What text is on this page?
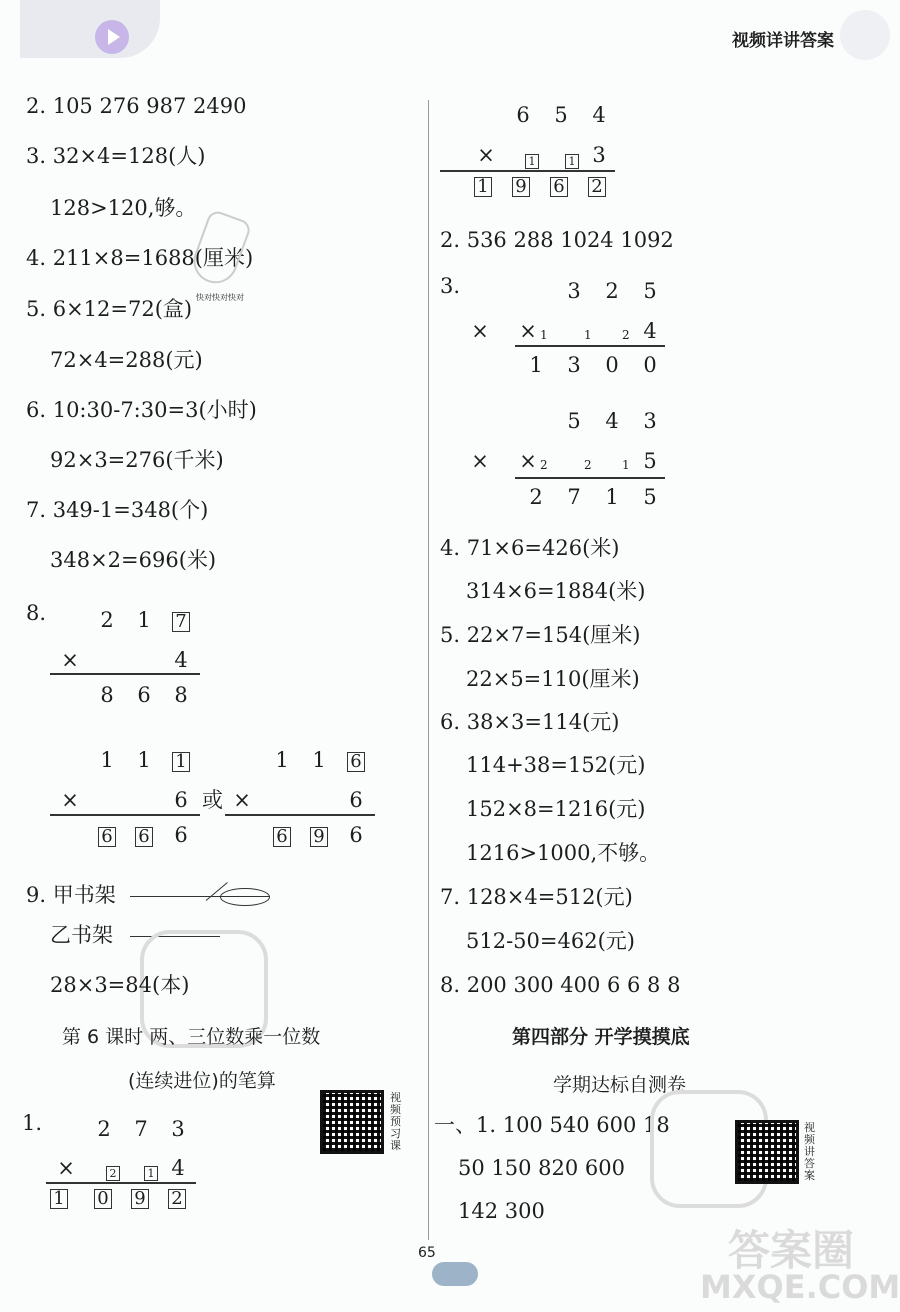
视频详讲答案
2. 105 276 987 2490
3. 32×4=128(人)
128>120,够。
4. 211×8=1688(厘米)
5. 6×12=72(盒) 快对快对快对
72×4=288(元)
6. 10:30-7:30=3(小时)
92×3=276(千米)
7. 349-1=348(个)
348×2=696(米)
8.	2 1 7
×	4
8 6 8
1 1 1
×	6
6 6 6
或
1 1 6
×	6
6 9 6
9. 甲书架
乙书架
28×3=84(本)
第 6 课时 两、三位数乘一位数
(连续进位)的笔算
视频预习课
1.	2 7 3
×	2	1 4
1 0 9 2
6 5 4
×	1	1 3
1 9 6 2
2. 536 288 1024 1092
3.	3 2 5
× × 1	1	2 4
1 3 0 0
5 4 3
× × 2	2	1 5
2 7 1 5
4. 71×6=426(米)
314×6=1884(米)
5. 22×7=154(厘米)
22×5=110(厘米)
6. 38×3=114(元)
114+38=152(元)
152×8=1216(元)
1216>1000,不够。
7. 128×4=512(元)
512-50=462(元)
8. 200 300 400 6 6 8 8
第四部分 开学摸摸底
学期达标自测卷
一、1. 100 540 600 18	视频讲答案
50 150 820 600
142 300
65	答案圈
MXQE.COM
